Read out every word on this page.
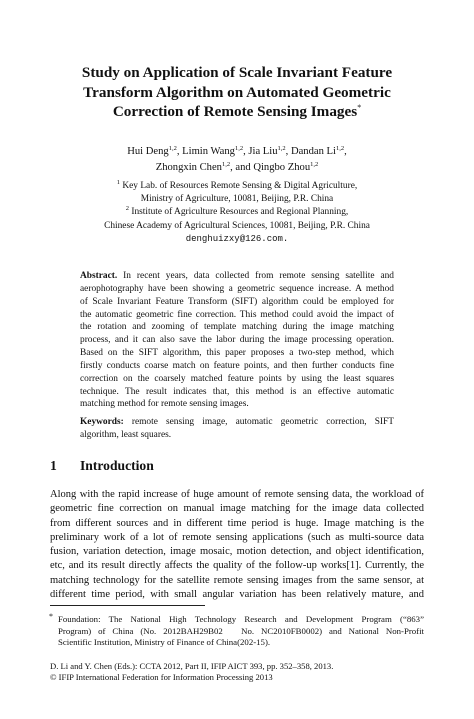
Study on Application of Scale Invariant Feature
Transform Algorithm on Automated Geometric
Correction of Remote Sensing Images*
Hui Deng$^{1,2}$, Limin Wang$^{1,2}$, Jia Liu$^{1,2}$, Dandan Li$^{1,2}$,
Zhongxin Chen$^{1,2}$, and Qingbo Zhou$^{1,2}$
$^1$ Key Lab. of Resources Remote Sensing & Digital Agriculture,
Ministry of Agriculture, 10081, Beijing, P.R. China
$^2$ Institute of Agriculture Resources and Regional Planning,
Chinese Academy of Agricultural Sciences, 10081, Beijing, P.R. China
denghuizxy@126.com.
Abstract. In recent years, data collected from remote sensing satellite and
aerophotography have been showing a geometric sequence increase. A method
of Scale Invariant Feature Transform (SIFT) algorithm could be employed for
the automatic geometric fine correction. This method could avoid the impact of
the rotation and zooming of template matching during the image matching
process, and it can also save the labor during the image processing operation.
Based on the SIFT algorithm, this paper proposes a two-step method, which
firstly conducts coarse match on feature points, and then further conducts fine
correction on the coarsely matched feature points by using the least squares
technique. The result indicates that, this method is an effective automatic
matching method for remote sensing images.
Keywords: remote sensing image, automatic geometric correction, SIFT
algorithm, least squares.
1 Introduction
Along with the rapid increase of huge amount of remote sensing data, the workload of
geometric fine correction on manual image matching for the image data collected
from different sources and in different time period is huge. Image matching is the
preliminary work of a lot of remote sensing applications (such as multi-source data
fusion, variation detection, image mosaic, motion detection, and object identification,
etc, and its result directly affects the quality of the follow-up works[1]. Currently, the
matching technology for the satellite remote sensing images from the same sensor, at
different time period, with small angular variation has been relatively mature, and
* Foundation: The National High Technology Research and Development Program (“863”
Program) of China (No. 2012BAH29B02　No. NC2010FB0002) and National Non-Profit
Scientific Institution, Ministry of Finance of China(202-15).
D. Li and Y. Chen (Eds.): CCTA 2012, Part II, IFIP AICT 393, pp. 352–358, 2013.
© IFIP International Federation for Information Processing 2013
